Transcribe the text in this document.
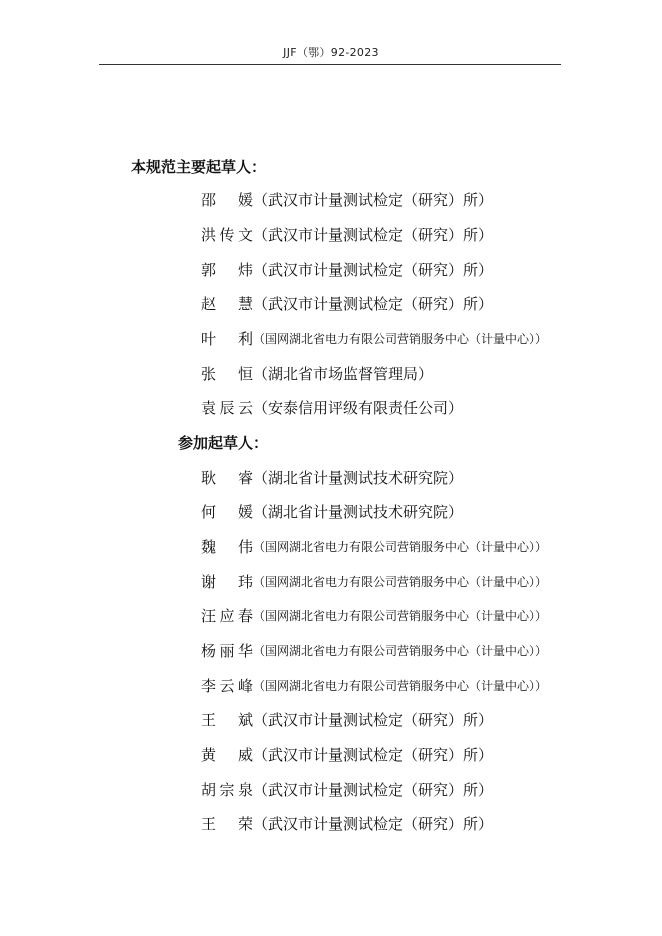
JJF（鄂）92-2023
本规范主要起草人：
邵　媛（武汉市计量测试检定（研究）所）
洪传文（武汉市计量测试检定（研究）所）
郭　炜（武汉市计量测试检定（研究）所）
赵　慧（武汉市计量测试检定（研究）所）
叶　利（国网湖北省电力有限公司营销服务中心（计量中心））
张　恒（湖北省市场监督管理局）
袁辰云（安泰信用评级有限责任公司）
参加起草人：
耿　睿（湖北省计量测试技术研究院）
何　媛（湖北省计量测试技术研究院）
魏　伟（国网湖北省电力有限公司营销服务中心（计量中心））
谢　玮（国网湖北省电力有限公司营销服务中心（计量中心））
汪应春（国网湖北省电力有限公司营销服务中心（计量中心））
杨丽华（国网湖北省电力有限公司营销服务中心（计量中心））
李云峰（国网湖北省电力有限公司营销服务中心（计量中心））
王　斌（武汉市计量测试检定（研究）所）
黄　威（武汉市计量测试检定（研究）所）
胡宗泉（武汉市计量测试检定（研究）所）
王　荣（武汉市计量测试检定（研究）所）
